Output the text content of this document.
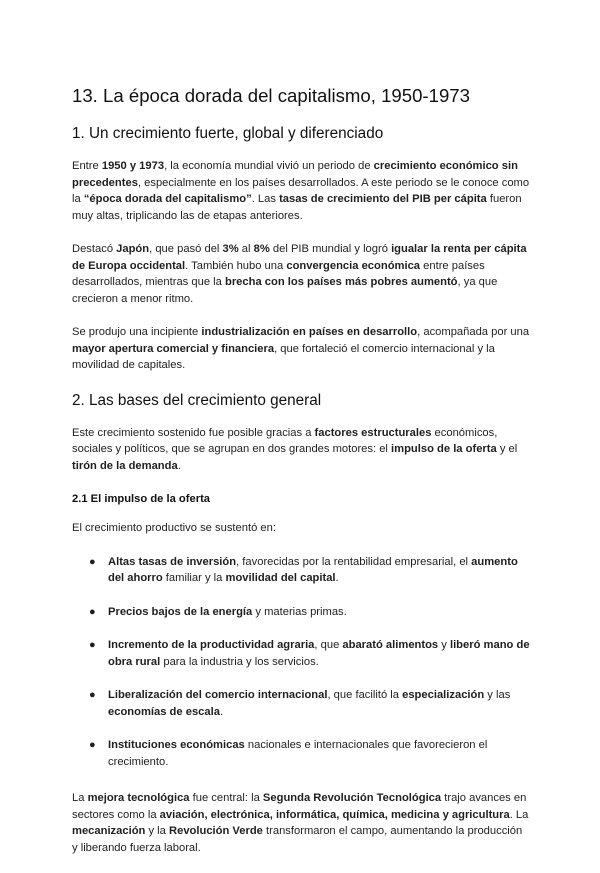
13. La época dorada del capitalismo, 1950-1973
1. Un crecimiento fuerte, global y diferenciado

Entre 1950 y 1973, la economía mundial vivió un periodo de crecimiento económico sin precedentes, especialmente en los países desarrollados. A este periodo se le conoce como la “época dorada del capitalismo”. Las tasas de crecimiento del PIB per cápita fueron muy altas, triplicando las de etapas anteriores.

Destacó Japón, que pasó del 3% al 8% del PIB mundial y logró igualar la renta per cápita de Europa occidental. También hubo una convergencia económica entre países desarrollados, mientras que la brecha con los países más pobres aumentó, ya que crecieron a menor ritmo.

Se produjo una incipiente industrialización en países en desarrollo, acompañada por una mayor apertura comercial y financiera, que fortaleció el comercio internacional y la movilidad de capitales.

2. Las bases del crecimiento general

Este crecimiento sostenido fue posible gracias a factores estructurales económicos, sociales y políticos, que se agrupan en dos grandes motores: el impulso de la oferta y el tirón de la demanda.

2.1 El impulso de la oferta

El crecimiento productivo se sustentó en:

● Altas tasas de inversión, favorecidas por la rentabilidad empresarial, el aumento del ahorro familiar y la movilidad del capital.
● Precios bajos de la energía y materias primas.
● Incremento de la productividad agraria, que abarató alimentos y liberó mano de obra rural para la industria y los servicios.
● Liberalización del comercio internacional, que facilitó la especialización y las economías de escala.
● Instituciones económicas nacionales e internacionales que favorecieron el crecimiento.

La mejora tecnológica fue central: la Segunda Revolución Tecnológica trajo avances en sectores como la aviación, electrónica, informática, química, medicina y agricultura. La mecanización y la Revolución Verde transformaron el campo, aumentando la producción y liberando fuerza laboral.
